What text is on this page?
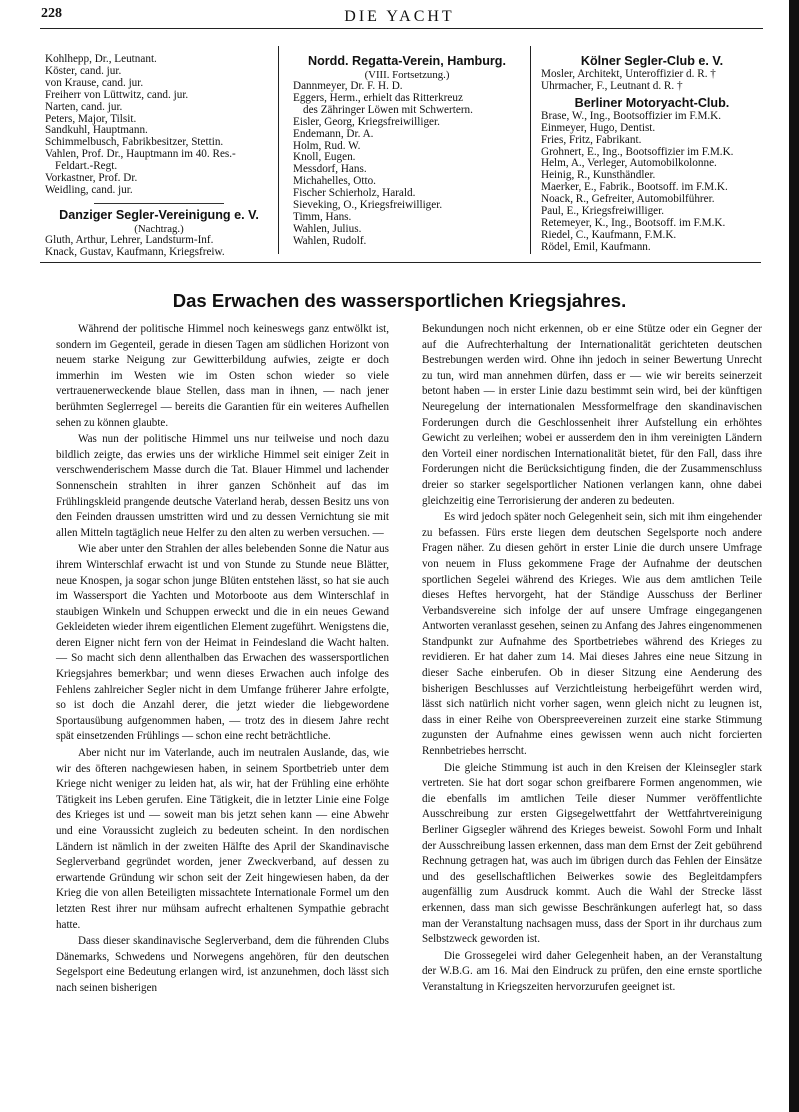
228	DIE YACHT
Kohlhepp, Dr., Leutnant.
Köster, cand. jur.
von Krause, cand. jur.
Freiherr von Lüttwitz, cand. jur.
Narten, cand. jur.
Peters, Major, Tilsit.
Sandkuhl, Hauptmann.
Schimmelbusch, Fabrikbesitzer, Stettin.
Vahlen, Prof. Dr., Hauptmann im 40. Res.-
Feldart.-Regt.
Vorkastner, Prof. Dr.
Weidling, cand. jur.
Danziger Segler-Vereinigung e. V.
(Nachtrag.)
Gluth, Arthur, Lehrer, Landsturm-Inf.
Knack, Gustav, Kaufmann, Kriegsfreiw.
Nordd. Regatta-Verein, Hamburg.
(VIII. Fortsetzung.)
Dannmeyer, Dr. F. H. D.
Eggers, Herm., erhielt das Ritterkreuz
des Zähringer Löwen mit Schwertern.
Eisler, Georg, Kriegsfreiwilliger.
Endemann, Dr. A.
Holm, Rud. W.
Knoll, Eugen.
Messdorf, Hans.
Michahelles, Otto.
Fischer Schierholz, Harald.
Sieveking, O., Kriegsfreiwilliger.
Timm, Hans.
Wahlen, Julius.
Wahlen, Rudolf.
Kölner Segler-Club e. V.
Mosler, Architekt, Unteroffizier d. R. †
Uhrmacher, F., Leutnant d. R. †
Berliner Motoryacht-Club.
Brase, W., Ing., Bootsoffizier im F.M.K.
Einmeyer, Hugo, Dentist.
Fries, Fritz, Fabrikant.
Grohnert, E., Ing., Bootsoffizier im F.M.K.
Helm, A., Verleger, Automobilkolonne.
Heinig, R., Kunsthändler.
Maerker, E., Fabrik., Bootsoff. im F.M.K.
Noack, R., Gefreiter, Automobilführer.
Paul, E., Kriegsfreiwilliger.
Retemeyer, K., Ing., Bootsoff. im F.M.K.
Riedel, C., Kaufmann, F.M.K.
Rödel, Emil, Kaufmann.
Das Erwachen des wassersportlichen Kriegsjahres.

Während der politische Himmel noch keineswegs ganz entwölkt ist, sondern im Gegenteil, gerade in diesen Tagen am südlichen Horizont von neuem starke Neigung zur Gewitterbildung aufwies, zeigte er doch immerhin im Westen wie im Osten schon wieder so viele vertrauenerweckende blaue Stellen, dass man in ihnen, — nach jener berühmten Seglerregel — bereits die Garantien für ein weiteres Aufhellen sehen zu können glaubte.

Was nun der politische Himmel uns nur teilweise und noch dazu bildlich zeigte, das erwies uns der wirkliche Himmel seit einiger Zeit in verschwenderischem Masse durch die Tat. Blauer Himmel und lachender Sonnenschein strahlten in ihrer ganzen Schönheit auf das im Frühlingskleid prangende deutsche Vaterland herab, dessen Besitz uns von den Feinden draussen umstritten wird und zu dessen Vernichtung sie mit allen Mitteln tagtäglich neue Helfer zu den alten zu werben versuchen. —

Wie aber unter den Strahlen der alles belebenden Sonne die Natur aus ihrem Winterschlaf erwacht ist und von Stunde zu Stunde neue Blätter, neue Knospen, ja sogar schon junge Blüten entstehen lässt, so hat sie auch im Wassersport die Yachten und Motorboote aus dem Winterschlaf in staubigen Winkeln und Schuppen erweckt und die in ein neues Gewand Gekleideten wieder ihrem eigentlichen Element zugeführt. Wenigstens die, deren Eigner nicht fern von der Heimat in Feindesland die Wacht halten. — So macht sich denn allenthalben das Erwachen des wassersportlichen Kriegsjahres bemerkbar; und wenn dieses Erwachen auch infolge des Fehlens zahlreicher Segler nicht in dem Umfange früherer Jahre erfolgte, so ist doch die Anzahl derer, die jetzt wieder die liebgewordene Sportausübung aufgenommen haben, — trotz des in diesem Jahre recht spät einsetzenden Frühlings — schon eine recht beträchtliche.

Aber nicht nur im Vaterlande, auch im neutralen Auslande, das, wie wir des öfteren nachgewiesen haben, in seinem Sportbetrieb unter dem Kriege nicht weniger zu leiden hat, als wir, hat der Frühling eine erhöhte Tätigkeit ins Leben gerufen. Eine Tätigkeit, die in letzter Linie eine Folge des Krieges ist und — soweit man bis jetzt sehen kann — eine Abwehr und eine Voraussicht zugleich zu bedeuten scheint. In den nordischen Ländern ist nämlich in der zweiten Hälfte des April der Skandinavische Seglerverband gegründet worden, jener Zweckverband, auf dessen zu erwartende Gründung wir schon seit der Zeit hingewiesen haben, da der Krieg die von allen Beteiligten missachtete Internationale Formel um den letzten Rest ihrer nur mühsam aufrecht erhaltenen Sympathie gebracht hatte.

Dass dieser skandinavische Seglerverband, dem die führenden Clubs Dänemarks, Schwedens und Norwegens angehören, für den deutschen Segelsport eine Bedeutung erlangen wird, ist anzunehmen, doch lässt sich nach seinen bisherigen

Bekundungen noch nicht erkennen, ob er eine Stütze oder ein Gegner der auf die Aufrechterhaltung der Internationalität gerichteten deutschen Bestrebungen werden wird. Ohne ihn jedoch in seiner Bewertung Unrecht zu tun, wird man annehmen dürfen, dass er — wie wir bereits seinerzeit betont haben — in erster Linie dazu bestimmt sein wird, bei der künftigen Neuregelung der internationalen Messformelfrage den skandinavischen Forderungen durch die Geschlossenheit ihrer Aufstellung ein erhöhtes Gewicht zu verleihen; wobei er ausserdem den in ihm vereinigten Ländern den Vorteil einer nordischen Internationalität bietet, für den Fall, dass ihre Forderungen nicht die Berücksichtigung finden, die der Zusammenschluss dreier so starker segelsportlicher Nationen verlangen kann, ohne dabei gleichzeitig eine Terrorisierung der anderen zu bedeuten.

Es wird jedoch später noch Gelegenheit sein, sich mit ihm eingehender zu befassen. Fürs erste liegen dem deutschen Segelsporte noch andere Fragen näher. Zu diesen gehört in erster Linie die durch unsere Umfrage von neuem in Fluss gekommene Frage der Aufnahme der deutschen sportlichen Segelei während des Krieges. Wie aus dem amtlichen Teile dieses Heftes hervorgeht, hat der Ständige Ausschuss der Berliner Verbandsvereine sich infolge der auf unsere Umfrage eingegangenen Antworten veranlasst gesehen, seinen zu Anfang des Jahres eingenommenen Standpunkt zur Aufnahme des Sportbetriebes während des Krieges zu revidieren. Er hat daher zum 14. Mai dieses Jahres eine neue Sitzung in dieser Sache einberufen. Ob in dieser Sitzung eine Aenderung des bisherigen Beschlusses auf Verzichtleistung herbeigeführt werden wird, lässt sich natürlich nicht vorher sagen, wenn gleich nicht zu leugnen ist, dass in einer Reihe von Oberspreevereinen zurzeit eine starke Stimmung zugunsten der Aufnahme eines gewissen wenn auch nicht forcierten Rennbetriebes herrscht.

Die gleiche Stimmung ist auch in den Kreisen der Kleinsegler stark vertreten. Sie hat dort sogar schon greifbarere Formen angenommen, wie die ebenfalls im amtlichen Teile dieser Nummer veröffentlichte Ausschreibung zur ersten Gigsegelwettfahrt der Wettfahrtvereinigung Berliner Gigsegler während des Krieges beweist. Sowohl Form und Inhalt der Ausschreibung lassen erkennen, dass man dem Ernst der Zeit gebührend Rechnung getragen hat, was auch im übrigen durch das Fehlen der Einsätze und des gesellschaftlichen Beiwerkes sowie des Begleitdampfers augenfällig zum Ausdruck kommt. Auch die Wahl der Strecke lässt erkennen, dass man sich gewisse Beschränkungen auferlegt hat, so dass man der Veranstaltung nachsagen muss, dass der Sport in ihr durchaus zum Selbstzweck geworden ist.

Die Grossegelei wird daher Gelegenheit haben, an der Veranstaltung der W.B.G. am 16. Mai den Eindruck zu prüfen, den eine ernste sportliche Veranstaltung in Kriegszeiten hervorzurufen geeignet ist.
